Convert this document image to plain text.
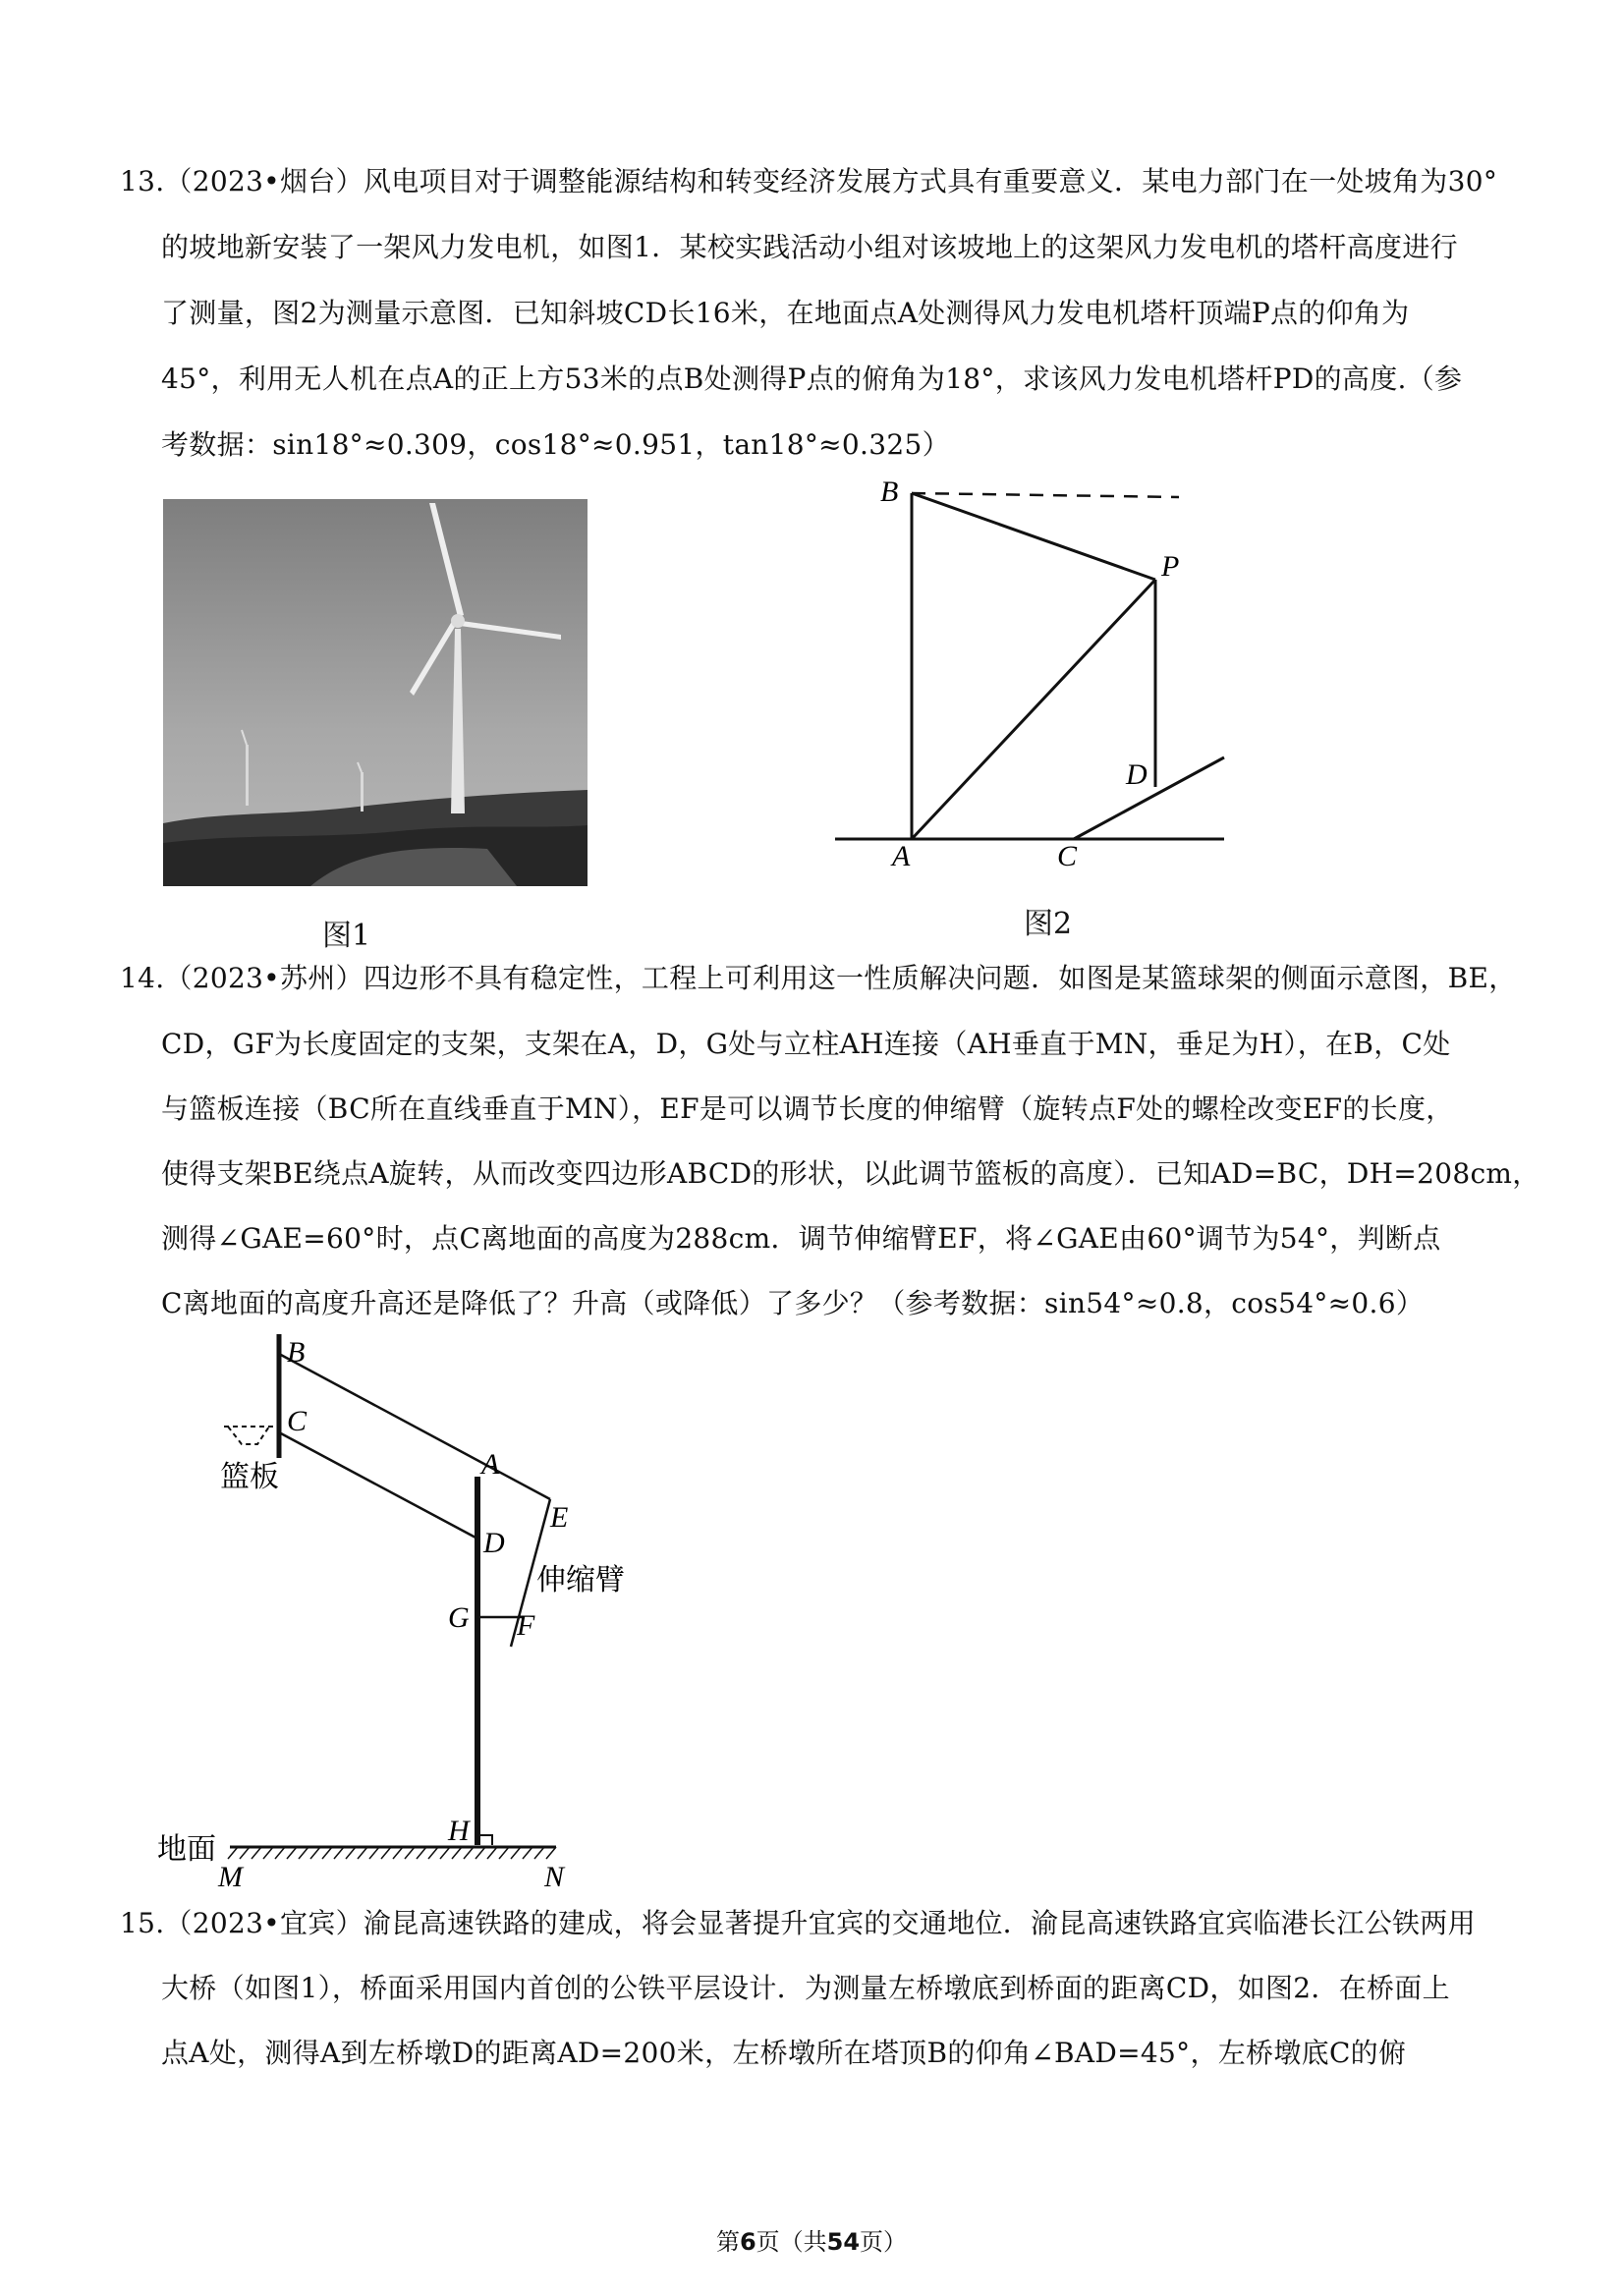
13.（2023•烟台）风电项目对于调整能源结构和转变经济发展方式具有重要意义．某电力部门在一处坡角为30°
的坡地新安装了一架风力发电机，如图1．某校实践活动小组对该坡地上的这架风力发电机的塔杆高度进行
了测量，图2为测量示意图．已知斜坡CD长16米，在地面点A处测得风力发电机塔杆顶端P点的仰角为
45°，利用无人机在点A的正上方53米的点B处测得P点的俯角为18°，求该风力发电机塔杆PD的高度.（参
考数据：sin18°≈0.309，cos18°≈0.951，tan18°≈0.325）
图1
B
P
D
A	C
图2
14.（2023•苏州）四边形不具有稳定性，工程上可利用这一性质解决问题．如图是某篮球架的侧面示意图，BE，
CD，GF为长度固定的支架，支架在A，D，G处与立柱AH连接（AH垂直于MN，垂足为H），在B，C处
与篮板连接（BC所在直线垂直于MN），EF是可以调节长度的伸缩臂（旋转点F处的螺栓改变EF的长度，
使得支架BE绕点A旋转，从而改变四边形ABCD的形状，以此调节篮板的高度）．已知AD=BC，DH=208cm，
测得∠GAE=60°时，点C离地面的高度为288cm．调节伸缩臂EF，将∠GAE由60°调节为54°，判断点
C离地面的高度升高还是降低了？升高（或降低）了多少？（参考数据：sin54°≈0.8，cos54°≈0.6）
B
C
篮板	A
E
D
伸缩臂
G F
H
地面
M	N
15.（2023•宜宾）渝昆高速铁路的建成，将会显著提升宜宾的交通地位．渝昆高速铁路宜宾临港长江公铁两用
大桥（如图1），桥面采用国内首创的公铁平层设计．为测量左桥墩底到桥面的距离CD，如图2．在桥面上
点A处，测得A到左桥墩D的距离AD=200米，左桥墩所在塔顶B的仰角∠BAD=45°，左桥墩底C的俯
第6页（共54页）
